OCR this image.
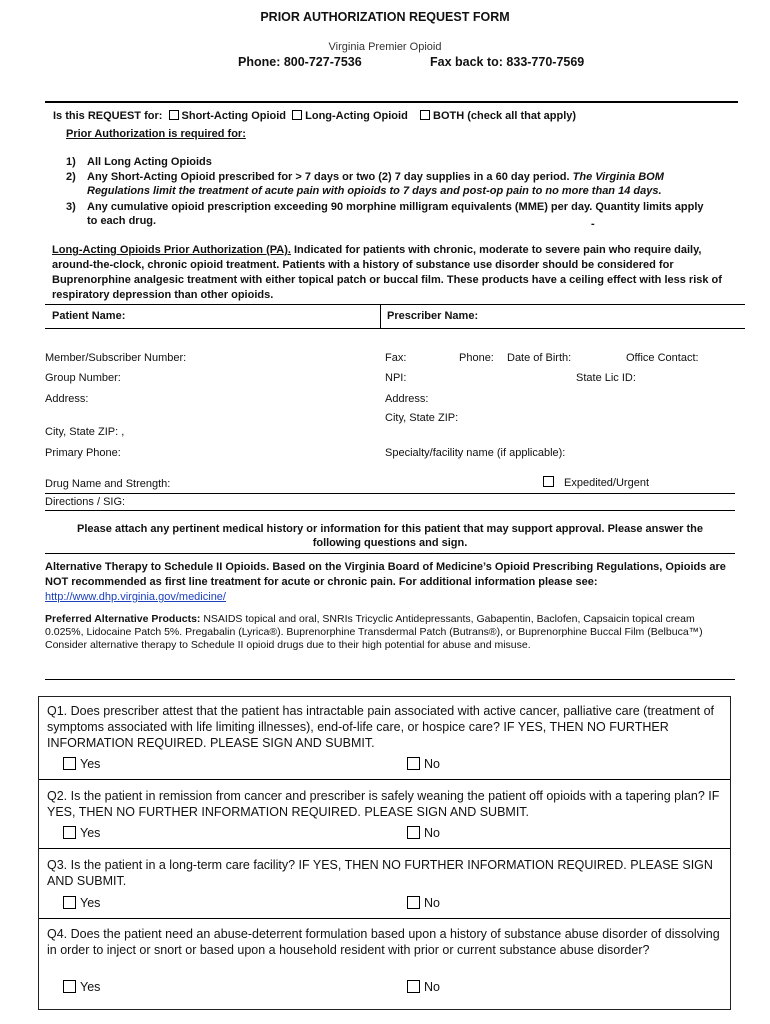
PRIOR AUTHORIZATION REQUEST FORM
Virginia Premier Opioid
Phone: 800-727-7536	Fax back to: 833-770-7569
Is this REQUEST for: Short-Acting Opioid Long-Acting Opioid BOTH (check all that apply)
Prior Authorization is required for:
1) All Long Acting Opioids
2) Any Short-Acting Opioid prescribed for > 7 days or two (2) 7 day supplies in a 60 day period. The Virginia BOM Regulations limit the treatment of acute pain with opioids to 7 days and post-op pain to no more than 14 days.
3) Any cumulative opioid prescription exceeding 90 morphine milligram equivalents (MME) per day. Quantity limits apply to each drug.	-
Long-Acting Opioids Prior Authorization (PA). Indicated for patients with chronic, moderate to severe pain who require daily, around-the-clock, chronic opioid treatment. Patients with a history of substance use disorder should be considered for Buprenorphine analgesic treatment with either topical patch or buccal film. These products have a ceiling effect with less risk of respiratory depression than other opioids.
Patient Name:	Prescriber Name:
Member/Subscriber Number:
Group Number:
Address:
City, State ZIP: ,
Primary Phone:
Drug Name and Strength:
Directions / SIG:
Fax:	Phone: Date of Birth:	Office Contact:
NPI:	State Lic ID:
Address:
City, State ZIP:
Specialty/facility name (if applicable):
Expedited/Urgent
Please attach any pertinent medical history or information for this patient that may support approval. Please answer the
following questions and sign.
Alternative Therapy to Schedule II Opioids. Based on the Virginia Board of Medicine’s Opioid Prescribing Regulations, Opioids are NOT recommended as first line treatment for acute or chronic pain. For additional information please see: http://www.dhp.virginia.gov/medicine/
Preferred Alternative Products: NSAIDS topical and oral, SNRIs Tricyclic Antidepressants, Gabapentin, Baclofen, Capsaicin topical cream 0.025%, Lidocaine Patch 5%. Pregabalin (Lyrica®). Buprenorphine Transdermal Patch (Butrans®), or Buprenorphine Buccal Film (Belbuca™) Consider alternative therapy to Schedule II opioid drugs due to their high potential for abuse and misuse.
Q1. Does prescriber attest that the patient has intractable pain associated with active cancer, palliative care (treatment of symptoms associated with life limiting illnesses), end-of-life care, or hospice care? IF YES, THEN NO FURTHER INFORMATION REQUIRED. PLEASE SIGN AND SUBMIT.
Yes	No
Q2. Is the patient in remission from cancer and prescriber is safely weaning the patient off opioids with a tapering plan? IF YES, THEN NO FURTHER INFORMATION REQUIRED. PLEASE SIGN AND SUBMIT.
Yes	No
Q3. Is the patient in a long-term care facility? IF YES, THEN NO FURTHER INFORMATION REQUIRED. PLEASE SIGN AND SUBMIT.
Yes	No
Q4. Does the patient need an abuse-deterrent formulation based upon a history of substance abuse disorder of dissolving in order to inject or snort or based upon a household resident with prior or current substance abuse disorder?
Yes	No
